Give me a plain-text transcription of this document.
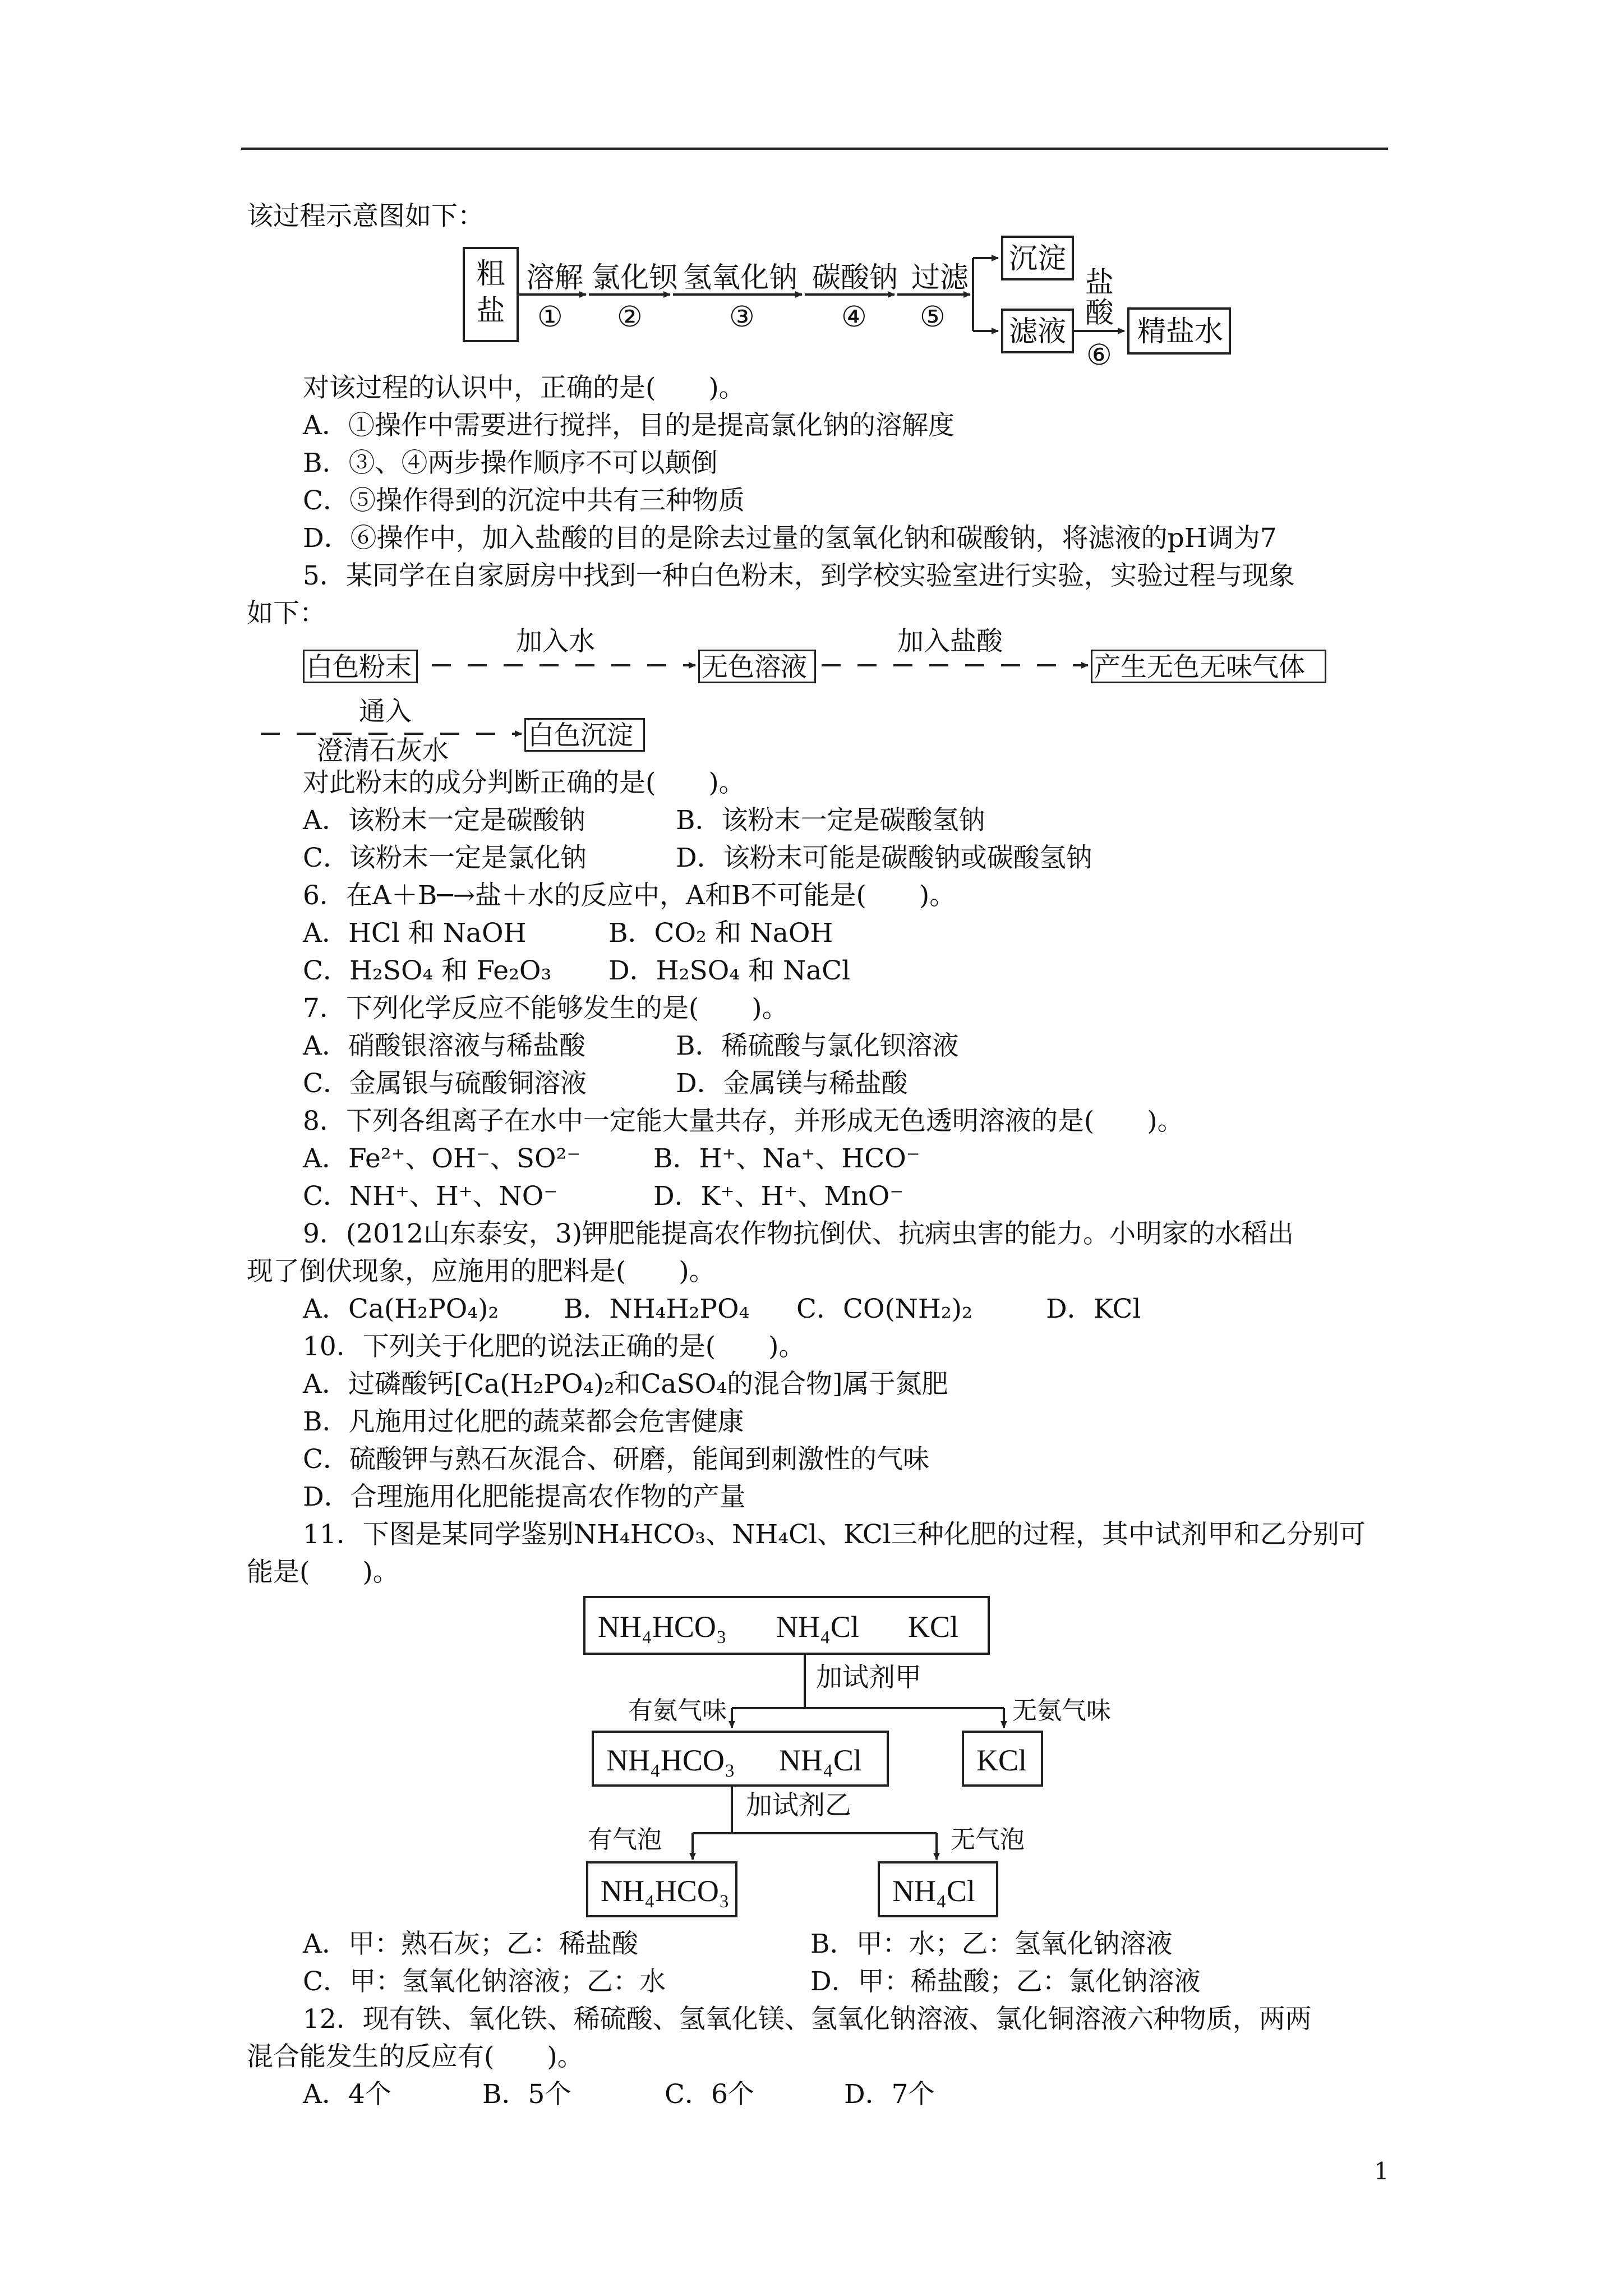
该过程示意图如下：
粗盐
溶解
①
氯化钡
②
氢氧化钠
③
碳酸钠
④
过滤
⑤
沉淀
滤液
盐酸
⑥
精盐水
对该过程的认识中，正确的是(　　)。
A．①操作中需要进行搅拌，目的是提高氯化钠的溶解度
B．③、④两步操作顺序不可以颠倒
C．⑤操作得到的沉淀中共有三种物质
D．⑥操作中，加入盐酸的目的是除去过量的氢氧化钠和碳酸钠，将滤液的pH调为7
5．某同学在自家厨房中找到一种白色粉末，到学校实验室进行实验，实验过程与现象
如下：
白色粉末
加入水
无色溶液
加入盐酸
产生无色无味气体
通入
澄清石灰水	白色沉淀
对此粉末的成分判断正确的是(　　)。
A．该粉末一定是碳酸钠	B．该粉末一定是碳酸氢钠
C．该粉末一定是氯化钠	D．该粉末可能是碳酸钠或碳酸氢钠
6．在A＋B─→盐＋水的反应中，A和B不可能是(　　)。
A．HCl 和 NaOH	B．CO₂ 和 NaOH
C．H₂SO₄ 和 Fe₂O₃ D．H₂SO₄ 和 NaCl
7．下列化学反应不能够发生的是(　　)。
A．硝酸银溶液与稀盐酸	B．稀硫酸与氯化钡溶液
C．金属银与硫酸铜溶液	D．金属镁与稀盐酸
8．下列各组离子在水中一定能大量共存，并形成无色透明溶液的是(　　)。
A．Fe²⁺、OH⁻、SO²⁻	B．H⁺、Na⁺、HCO⁻
C．NH⁺、H⁺、NO⁻	D．K⁺、H⁺、MnO⁻
9．(2012山东泰安，3)钾肥能提高农作物抗倒伏、抗病虫害的能力。小明家的水稻出
现了倒伏现象，应施用的肥料是(　　)。
A．Ca(H₂PO₄)₂ B．NH₄H₂PO₄ C．CO(NH₂)₂	D．KCl
10．下列关于化肥的说法正确的是(　　)。
A．过磷酸钙[Ca(H₂PO₄)₂和CaSO₄的混合物]属于氮肥
B．凡施用过化肥的蔬菜都会危害健康
C．硫酸钾与熟石灰混合、研磨，能闻到刺激性的气味
D．合理施用化肥能提高农作物的产量
11．下图是某同学鉴别NH₄HCO₃、NH₄Cl、KCl三种化肥的过程，其中试剂甲和乙分别可
能是(　　)。
NH₄HCO₃ NH₄Cl KCl
加试剂甲
有氨气味	无氨气味
NH₄HCO₃ NH₄Cl	KCl
加试剂乙
有气泡	无气泡
NH₄HCO₃	NH₄Cl
A．甲：熟石灰；乙：稀盐酸	B．甲：水；乙：氢氧化钠溶液
C．甲：氢氧化钠溶液；乙：水	D．甲：稀盐酸；乙：氯化钠溶液
12．现有铁、氧化铁、稀硫酸、氢氧化镁、氢氧化钠溶液、氯化铜溶液六种物质，两两
混合能发生的反应有(　　)。
A．4个	B．5个	C．6个	D．7个
1
